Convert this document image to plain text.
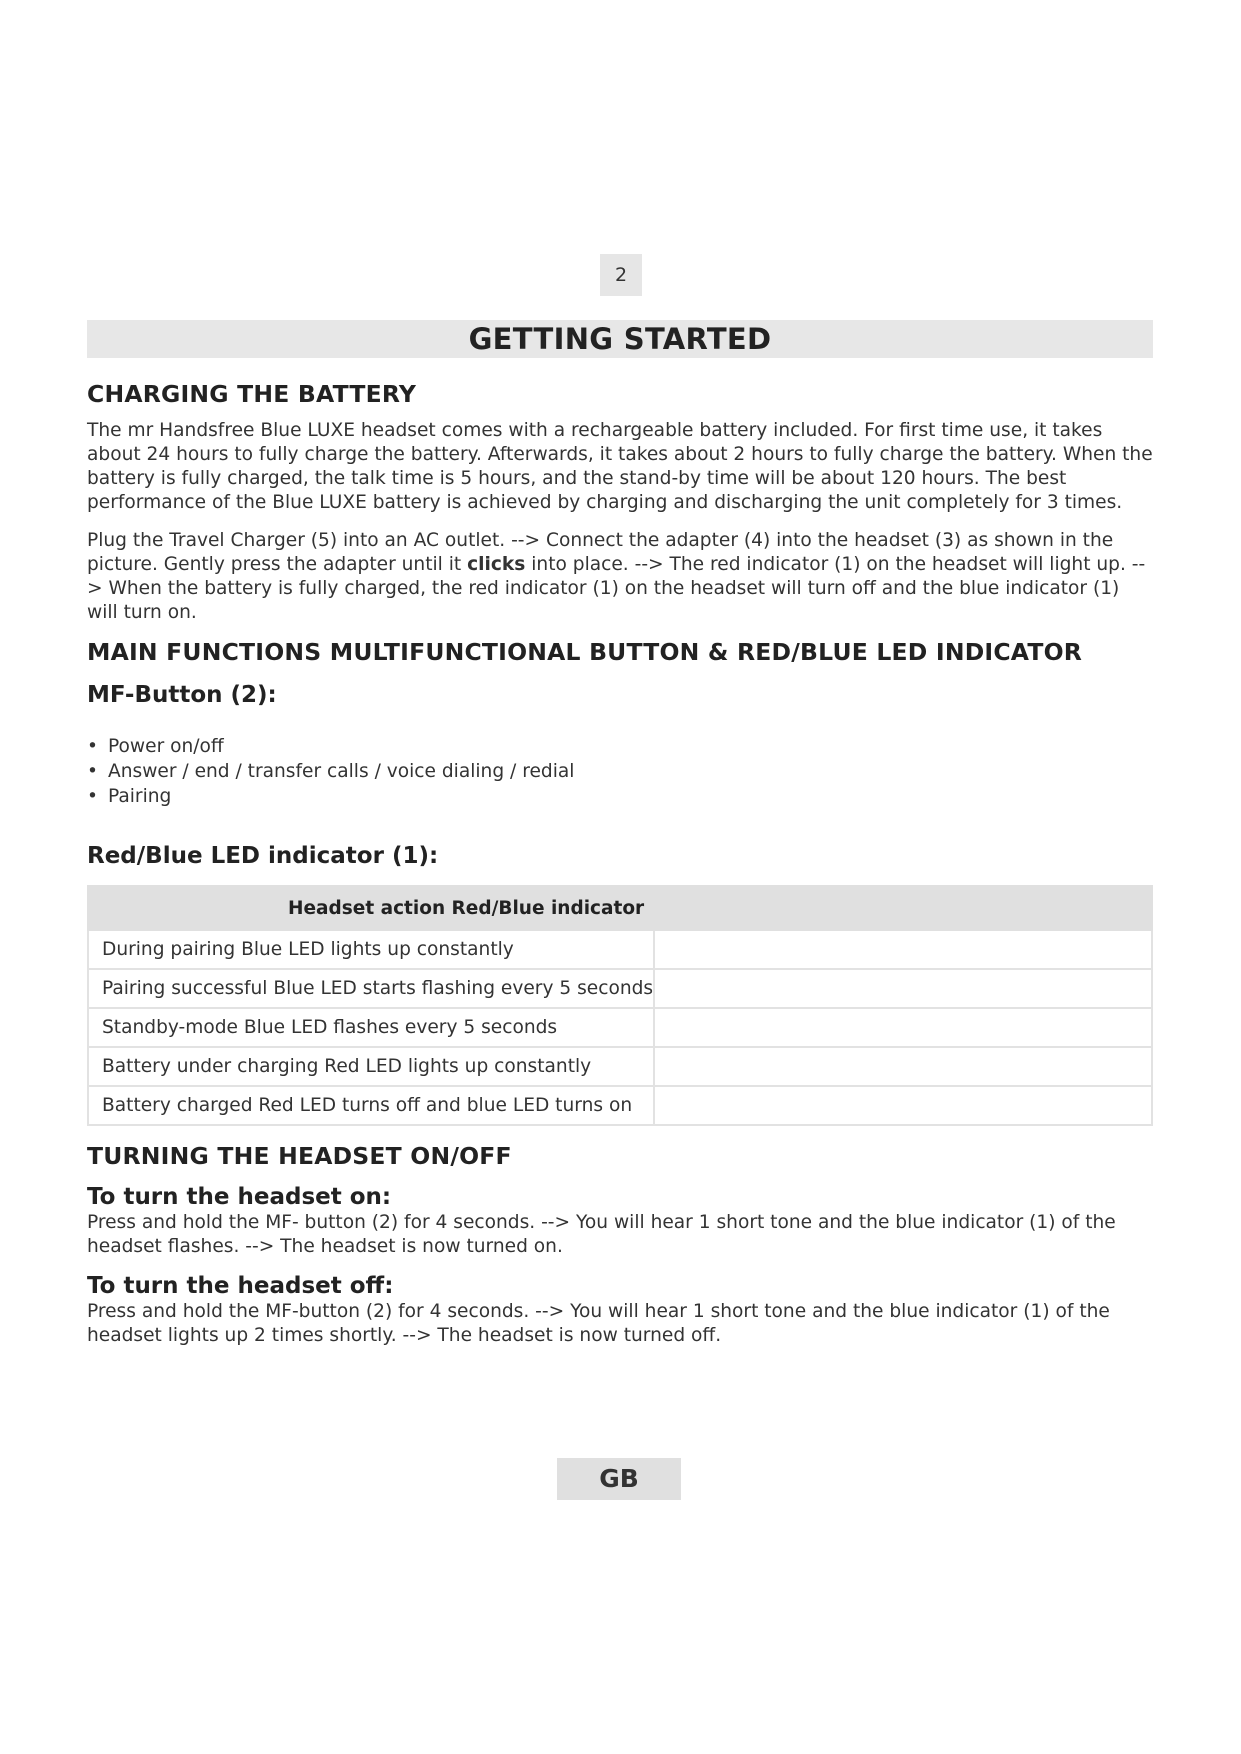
2
GETTING STARTED
CHARGING THE BATTERY

The mr Handsfree Blue LUXE headset comes with a rechargeable battery included. For first time use, it takes about 24 hours to fully charge the battery. Afterwards, it takes about 2 hours to fully charge the battery. When the battery is fully charged, the talk time is 5 hours, and the stand-by time will be about 120 hours. The best performance of the Blue LUXE battery is achieved by charging and discharging the unit completely for 3 times.

Plug the Travel Charger (5) into an AC outlet. --> Connect the adapter (4) into the headset (3) as shown in the picture. Gently press the adapter until it clicks into place. --> The red indicator (1) on the headset will light up. --> When the battery is fully charged, the red indicator (1) on the headset will turn off and the blue indicator (1) will turn on.

MAIN FUNCTIONS MULTIFUNCTIONAL BUTTON & RED/BLUE LED INDICATOR
MF-Button (2):
• Power on/off
• Answer / end / transfer calls / voice dialing / redial
• Pairing
Red/Blue LED indicator (1):
Headset action Red/Blue indicator	
During pairing Blue LED lights up constantly	
Pairing successful Blue LED starts flashing every 5 seconds	
Standby-mode Blue LED flashes every 5 seconds	
Battery under charging Red LED lights up constantly	
Battery charged Red LED turns off and blue LED turns on	
TURNING THE HEADSET ON/OFF
To turn the headset on:

Press and hold the MF- button (2) for 4 seconds. --> You will hear 1 short tone and the blue indicator (1) of the headset flashes. --> The headset is now turned on.

To turn the headset off:

Press and hold the MF-button (2) for 4 seconds. --> You will hear 1 short tone and the blue indicator (1) of the headset lights up 2 times shortly. --> The headset is now turned off.

GB
